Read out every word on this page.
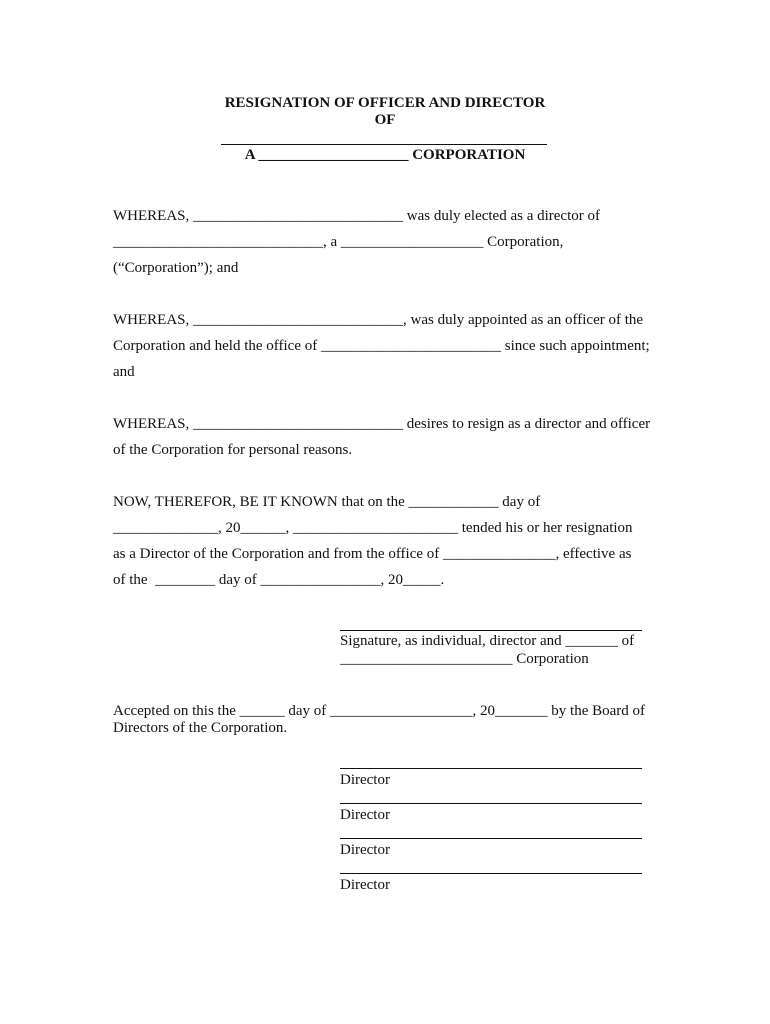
RESIGNATION OF OFFICER AND DIRECTOR
OF
A ____________________ CORPORATION
WHEREAS, ____________________________ was duly elected as a director of
____________________________, a ___________________ Corporation,
(“Corporation”); and
WHEREAS, ____________________________, was duly appointed as an officer of the
Corporation and held the office of ________________________ since such appointment;
and
WHEREAS, ____________________________ desires to resign as a director and officer
of the Corporation for personal reasons.
NOW, THEREFOR, BE IT KNOWN that on the ____________ day of
______________, 20______, ______________________ tended his or her resignation
as a Director of the Corporation and from the office of _______________, effective as
of the  ________ day of ________________, 20_____.
Signature, as individual, director and _______ of
_______________________ Corporation
Accepted on this the ______ day of ___________________, 20_______ by the Board of
Directors of the Corporation.
Director
Director
Director
Director
